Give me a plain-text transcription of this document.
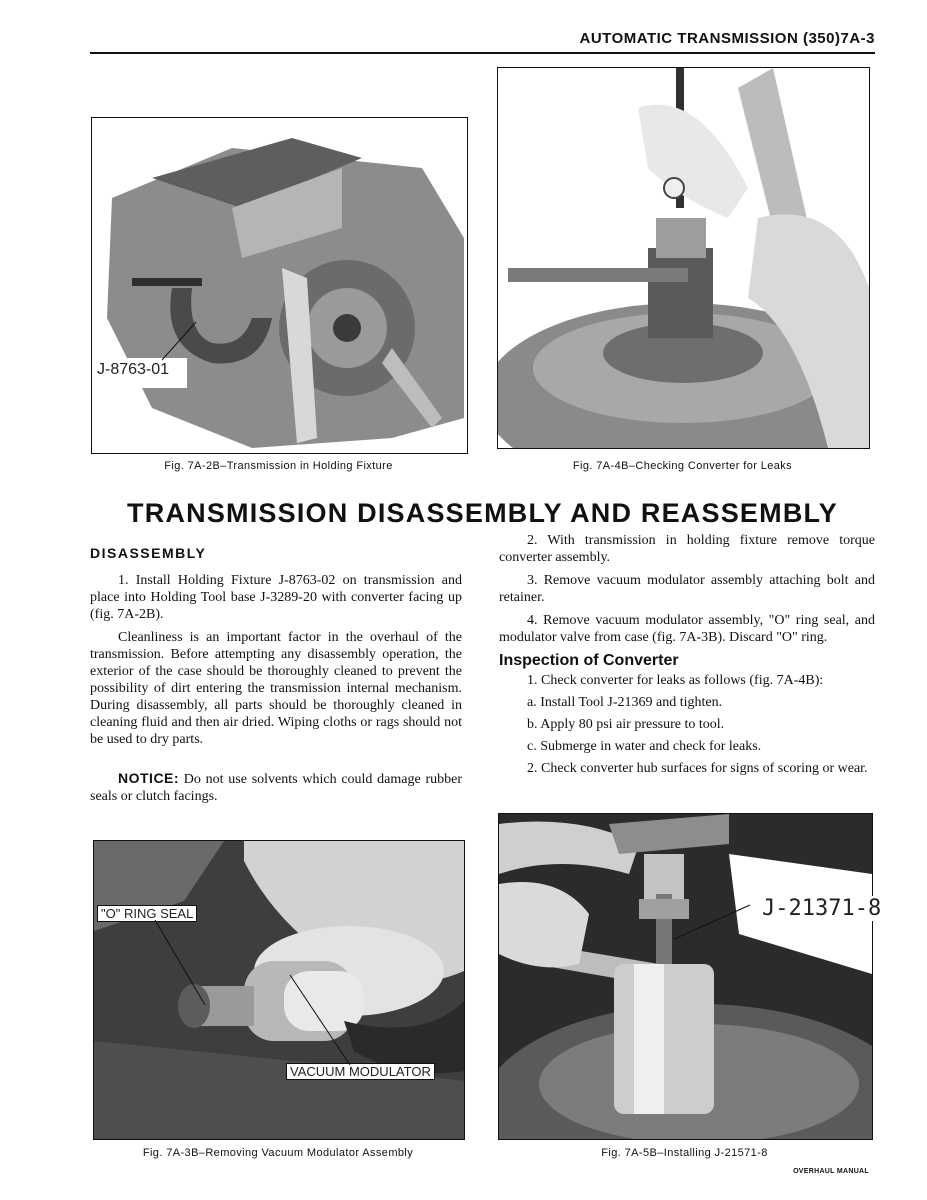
AUTOMATIC TRANSMISSION (350)7A-3
J-8763-01
Fig. 7A-2B–Transmission in Holding Fixture	Fig. 7A-4B–Checking Converter for Leaks
TRANSMISSION DISASSEMBLY AND REASSEMBLY
DISASSEMBLY

1. Install Holding Fixture J-8763-02 on transmission and place into Holding Tool base J-3289-20 with converter facing up (fig. 7A-2B).

Cleanliness is an important factor in the overhaul of the transmission. Before attempting any disassembly operation, the exterior of the case should be thoroughly cleaned to prevent the possibility of dirt entering the transmission internal mechanism. During disassembly, all parts should be thoroughly cleaned in cleaning fluid and then air dried. Wiping cloths or rags should not be used to dry parts.

NOTICE: Do not use solvents which could damage rubber seals or clutch facings.

2. With transmission in holding fixture remove torque converter assembly.

3. Remove vacuum modulator assembly attaching bolt and retainer.

4. Remove vacuum modulator assembly, "O" ring seal, and modulator valve from case (fig. 7A-3B). Discard "O" ring.

Inspection of Converter

1. Check converter for leaks as follows (fig. 7A-4B):

a. Install Tool J-21369 and tighten.

b. Apply 80 psi air pressure to tool.

c. Submerge in water and check for leaks.

2. Check converter hub surfaces for signs of scoring or wear.

"O" RING SEAL
VACUUM MODULATOR
Fig. 7A-3B–Removing Vacuum Modulator Assembly
J-21371-8
Fig. 7A-5B–Installing J-21571-8
OVERHAUL MANUAL
